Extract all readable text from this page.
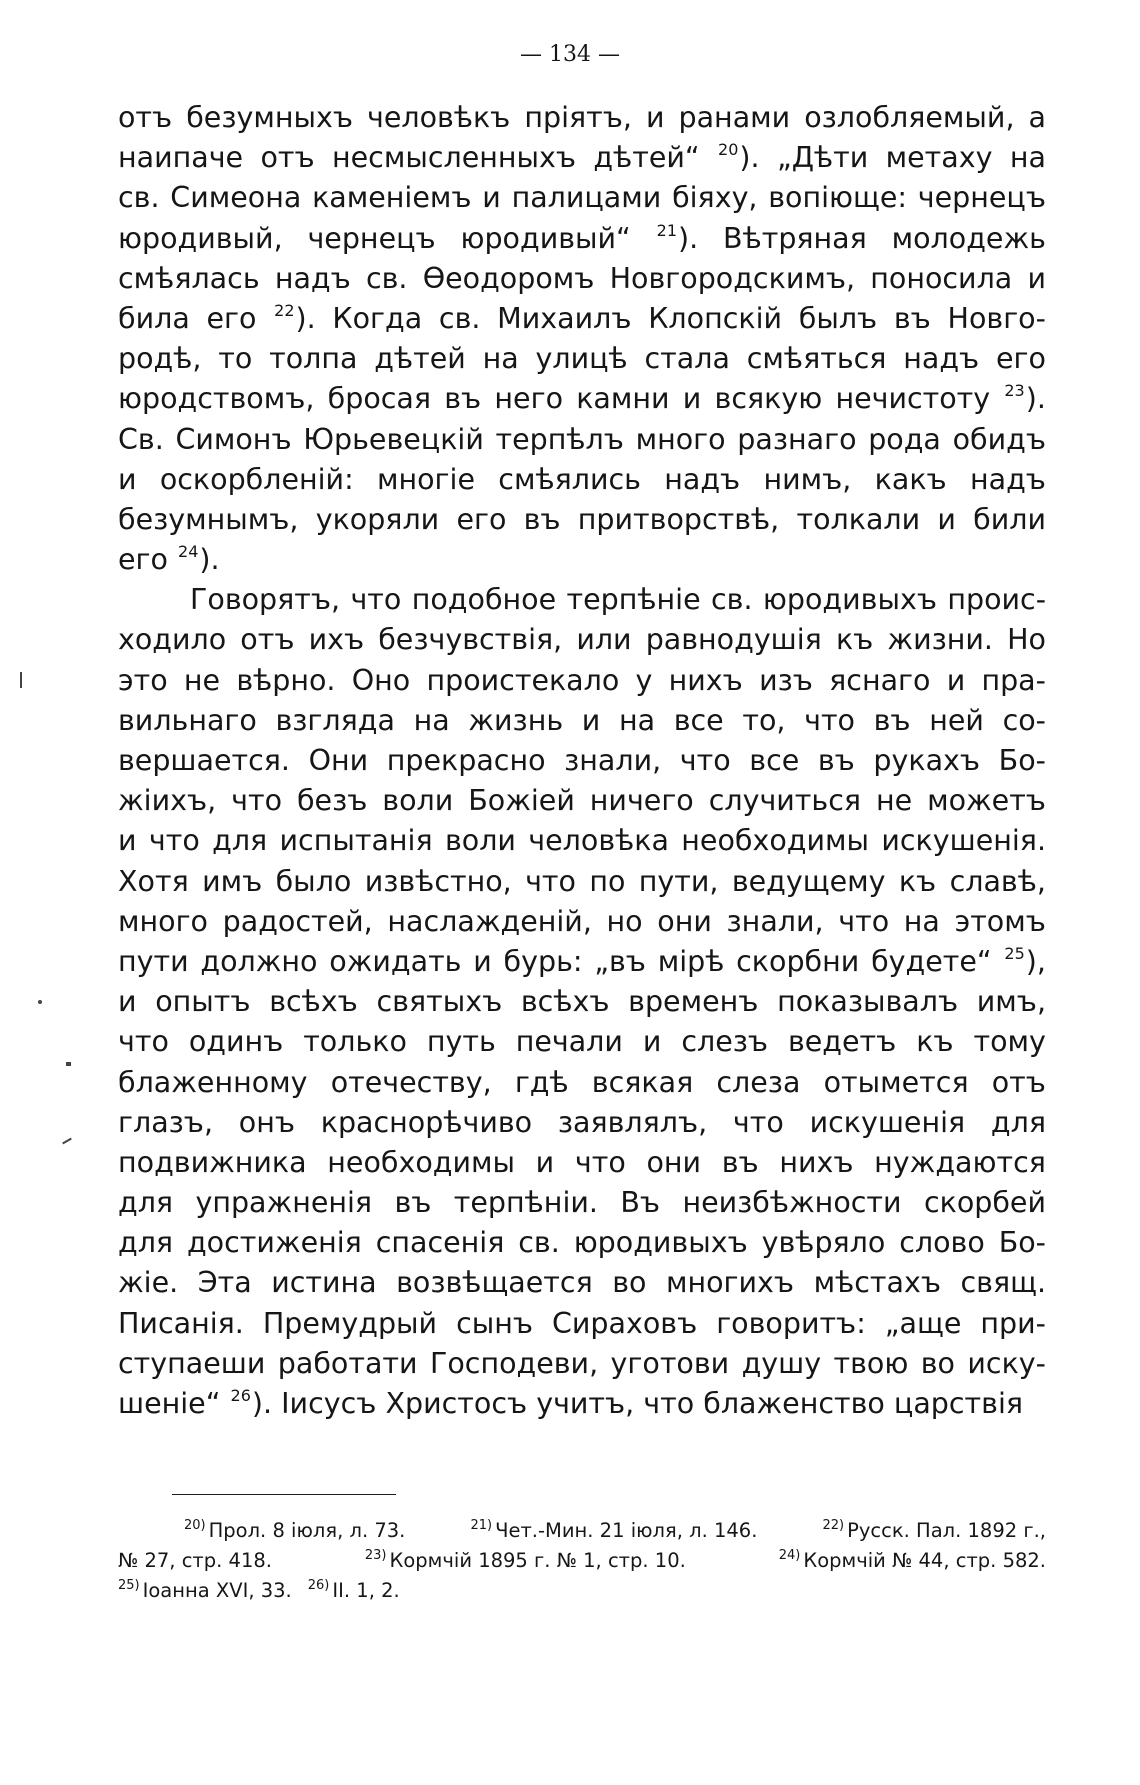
— 134 —
отъ безумныхъ человѣкъ пріятъ, и ранами озлобляемый, а
наипаче отъ несмысленныхъ дѣтей“ $^{20}$). „Дѣти метаху на
св. Симеона каменіемъ и палицами біяху, вопіюще: чернецъ
юродивый, чернецъ юродивый“ $^{21}$). Вѣтряная молодежь
смѣялась надъ св. Ѳеодоромъ Новгородскимъ, поносила и
била его $^{22}$). Когда св. Михаилъ Клопскій былъ въ Новго-
родѣ, то толпа дѣтей на улицѣ стала смѣяться надъ его
юродствомъ, бросая въ него камни и всякую нечистоту $^{23}$).
Св. Симонъ Юрьевецкій терпѣлъ много разнаго рода обидъ
и оскорбленій: многіе смѣялись надъ нимъ, какъ надъ
безумнымъ, укоряли его въ притворствѣ, толкали и били
его
$^{24}$).
Говорятъ, что подобное терпѣніе св. юродивыхъ проис-
ходило отъ ихъ безчувствія, или равнодушія къ жизни. Но
это не вѣрно. Оно проистекало у нихъ изъ яснаго и пра-
вильнаго взгляда на жизнь и на все то, что въ ней со-
вершается. Они прекрасно знали, что все въ рукахъ Бо-
жіихъ, что безъ воли Божіей ничего случиться не можетъ
и что для испытанія воли человѣка необходимы искушенія.
Хотя имъ было извѣстно, что по пути, ведущему къ славѣ,
много радостей, наслажденій, но они знали, что на этомъ
пути должно ожидать и бурь: „въ мірѣ скорбни будете“ $^{25}$),
и опытъ всѣхъ святыхъ всѣхъ временъ показывалъ имъ,
что одинъ только путь печали и слезъ ведетъ къ тому
блаженному отечеству, гдѣ всякая слеза отымется отъ
глазъ, онъ краснорѣчиво заявлялъ, что искушенія для
подвижника необходимы и что они въ нихъ нуждаются
для упражненія въ терпѣніи. Въ неизбѣжности скорбей
для достиженія спасенія св. юродивыхъ увѣряло слово Бо-
жіе. Эта истина возвѣщается во многихъ мѣстахъ свящ.
Писанія. Премудрый сынъ Сираховъ говоритъ: „аще при-
ступаеши работати Господеви, уготови душу твою во иску-
шеніе“
$^{26}$).
Іисусъ
Христосъ
учитъ,
что
блаженство
царствія
$^{20)}$ Прол. 8 іюля, л. 73.	$^{21)}$ Чет.-Мин. 21 іюля, л. 146.	$^{22)}$ Русск. Пал. 1892 г.,
№ 27, стр. 418.	$^{23)}$ Кормчій 1895 г. № 1, стр. 10.	$^{24)}$ Кормчій № 44, стр. 582.
$^{25)}$ Іоанна XVI, 33. $^{26)}$ II. 1, 2.
